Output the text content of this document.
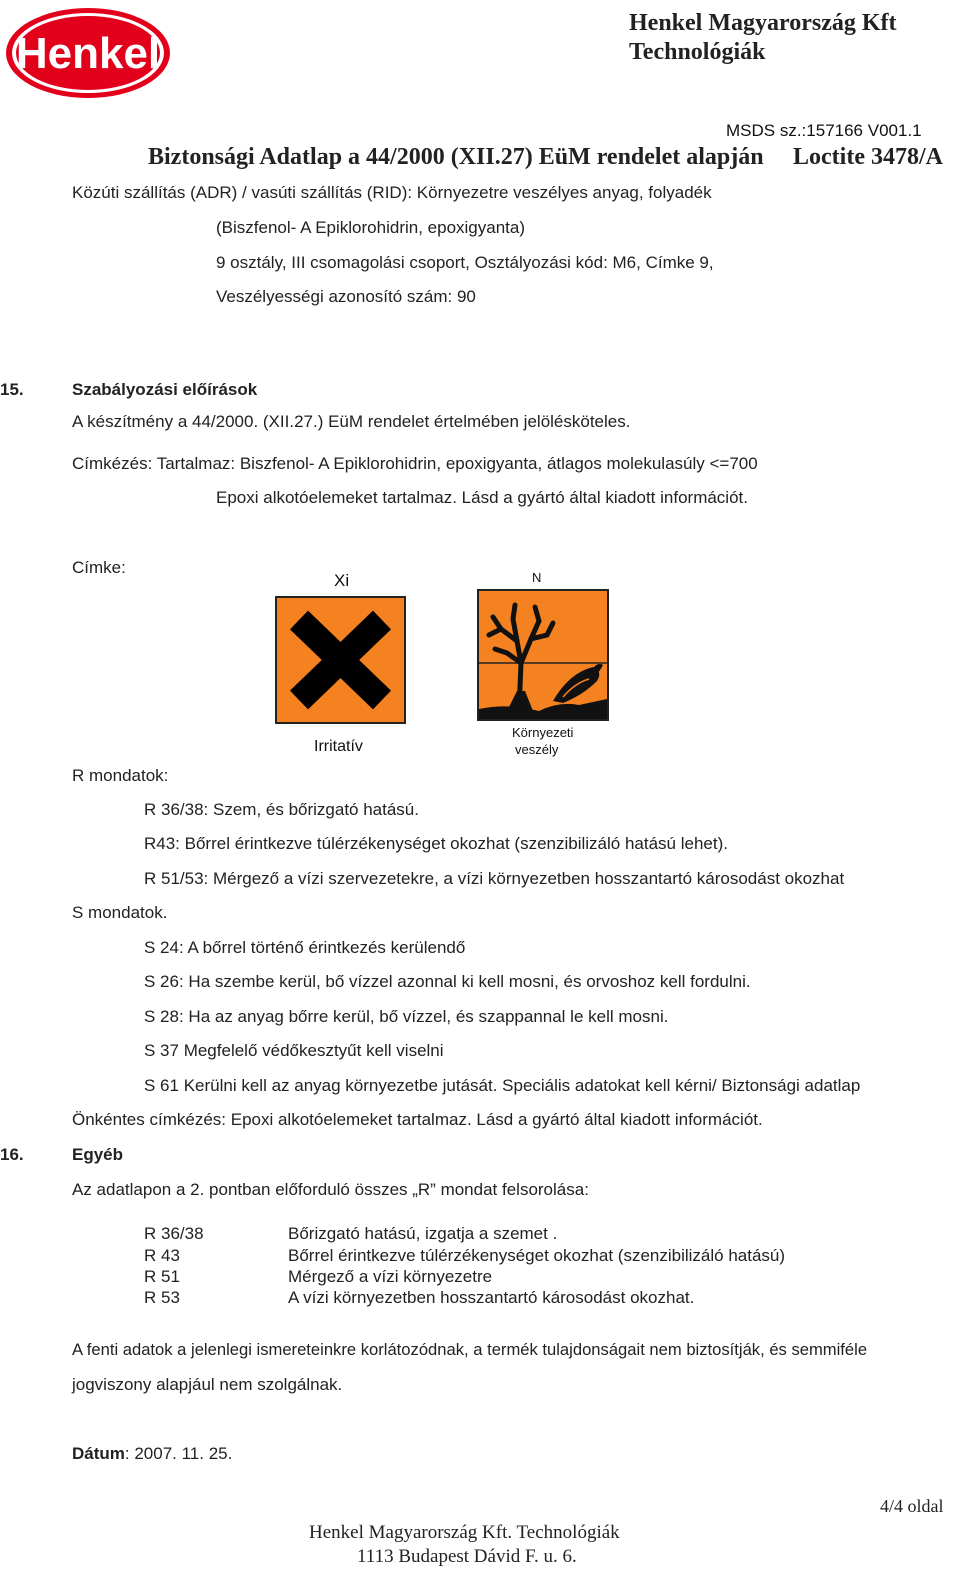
Henkel
Henkel Magyarország Kft
Technológiák
MSDS sz.:157166 V001.1
Biztonsági Adatlap a 44/2000 (XII.27) EüM rendelet alapján Loctite 3478/A
Közúti szállítás (ADR) / vasúti szállítás (RID): Környezetre veszélyes anyag, folyadék
(Biszfenol- A Epiklorohidrin, epoxigyanta)
9 osztály, III csomagolási csoport, Osztályozási kód: M6, Címke 9,
Veszélyességi azonosító szám: 90
15.	Szabályozási előírások
A készítmény a 44/2000. (XII.27.) EüM rendelet értelmében jelölésköteles.
Címkézés: Tartalmaz: Biszfenol- A Epiklorohidrin, epoxigyanta, átlagos molekulasúly <=700
Epoxi alkotóelemeket tartalmaz. Lásd a gyártó által kiadott információt.
Címke:
Xi
Irritatív
N
Környezeti
veszély
R mondatok:
R 36/38: Szem, és bőrizgató hatású.
R43: Bőrrel érintkezve túlérzékenységet okozhat (szenzibilizáló hatású lehet).
R 51/53: Mérgező a vízi szervezetekre, a vízi környezetben hosszantartó károsodást okozhat
S mondatok.
S 24: A bőrrel történő érintkezés kerülendő
S 26: Ha szembe kerül, bő vízzel azonnal ki kell mosni, és orvoshoz kell fordulni.
S 28: Ha az anyag bőrre kerül, bő vízzel, és szappannal le kell mosni.
S 37 Megfelelő védőkesztyűt kell viselni
S 61 Kerülni kell az anyag környezetbe jutását. Speciális adatokat kell kérni/ Biztonsági adatlap
Önkéntes címkézés: Epoxi alkotóelemeket tartalmaz. Lásd a gyártó által kiadott információt.
16.	Egyéb
Az adatlapon a 2. pontban előforduló összes „R” mondat felsorolása:
R 36/38	Bőrizgató hatású, izgatja a szemet .
R 43	Bőrrel érintkezve túlérzékenységet okozhat (szenzibilizáló hatású)
R 51	Mérgező a vízi környezetre
R 53	A vízi környezetben hosszantartó károsodást okozhat.
A fenti adatok a jelenlegi ismereteinkre korlátozódnak, a termék tulajdonságait nem biztosítják, és semmiféle
jogviszony alapjául nem szolgálnak.
Dátum: 2007. 11. 25.
4/4 oldal
Henkel Magyarország Kft. Technológiák
1113 Budapest Dávid F. u. 6.
